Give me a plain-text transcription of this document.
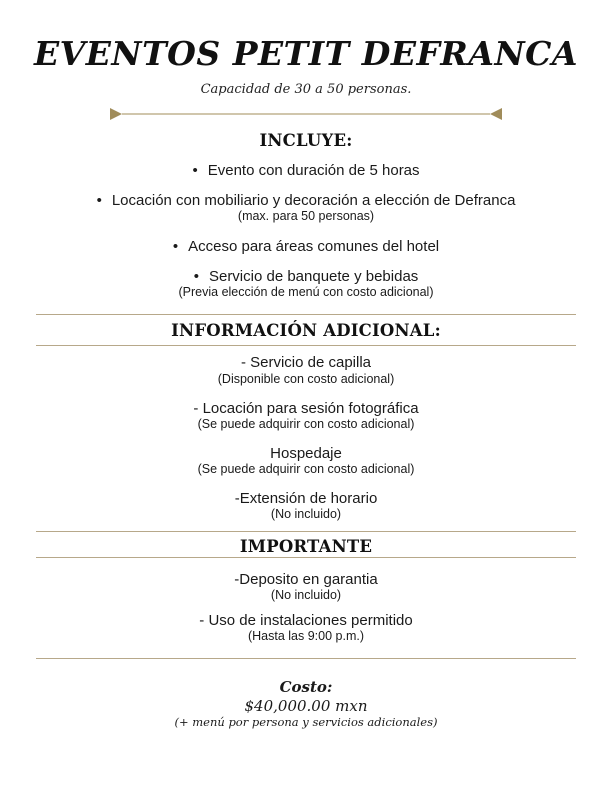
EVENTOS PETIT DEFRANCA
Capacidad de 30 a 50 personas.
INCLUYE:
• Evento con duración de 5 horas
• Locación con mobiliario y decoración a elección de Defranca
(max. para 50 personas)
• Acceso para áreas comunes del hotel
• Servicio de banquete y bebidas
(Previa elección de menú con costo adicional)
INFORMACIÓN ADICIONAL:
- Servicio de capilla
(Disponible con costo adicional)
- Locación para sesión fotográfica
(Se puede adquirir con costo adicional)
Hospedaje
(Se puede adquirir con costo adicional)
-Extensión de horario
(No incluido)
IMPORTANTE
-Deposito en garantia
(No incluido)
- Uso de instalaciones permitido
(Hasta las 9:00 p.m.)
Costo:
$40,000.00 mxn
(+ menú por persona y servicios adicionales)
